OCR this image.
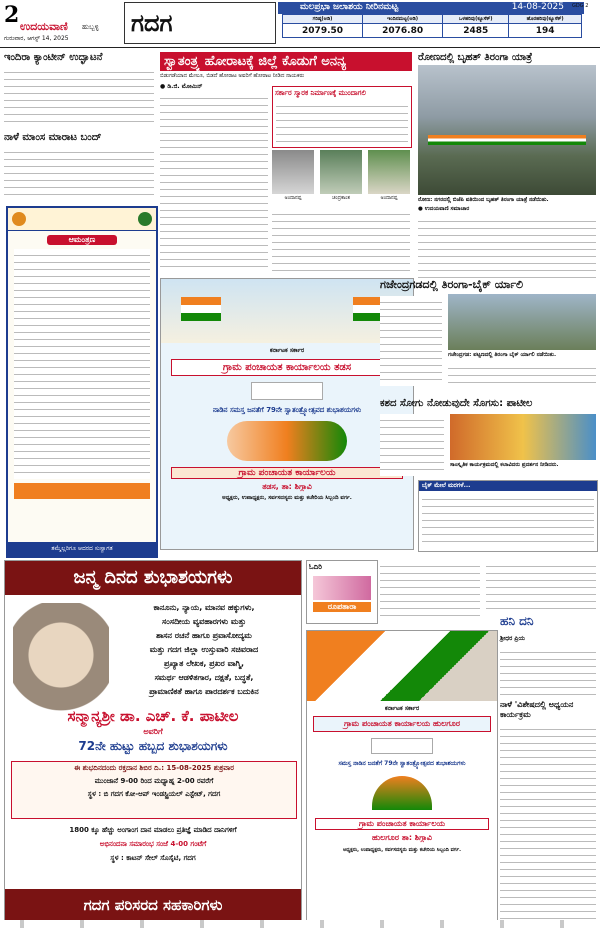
2 ಉದಯವಾಣಿ ಹುಬ್ಬಳ್ಳಿ
ಗುರುವಾರ, ಆಗಸ್ಟ್‌ 14, 2025
ಗದಗ
ಮಲಪ್ರಭಾ ಜಲಾಶಯ ನೀರಿನಮಟ್ಟ	14-08-2025
ಗರಿಷ್ಠ(ಅಡಿ)	ಇಂದಿನಮಟ್ಟ(ಅಡಿ)	ಒಳಹರಿವು(ಕ್ಯೂಸೆಕ್)	ಹೊರಹರಿವು(ಕ್ಯೂಸೆಕ್)
2079.50	2076.80	2485	194
GDG 2
ಇಂದಿರಾ ಕ್ಯಾಂಟೀನ್‌ ಉದ್ಘಾಟನೆ
ನಾಳೆ ಮಾಂಸ ಮಾರಾಟ ಬಂದ್‌
ಆಮಂತ್ರಣ
ತಮ್ಮೆಲ್ಲರಿಗೂ ಆದರದ ಸುಸ್ವಾಗತ
ಸ್ವಾತಂತ್ರ್ಯ ಹೋರಾಟಕ್ಕೆ ಜಿಲ್ಲೆ ಕೊಡುಗೆ ಅನನ್ಯ
ಬಿಡುಗಡೆಯಾದ ಮೇಲೂ, ಬಿಡದೆ ಹೋರಾಟ ಅವರಿಗೆ ಹೋರಾಟ ನೀಡಿದ ನಾಯಕರು
● ಡಿ.ಜಿ. ಮೋಮಿನ್
ಸರ್ಕಾರ ಸ್ಮಾರಕ ನಿರ್ಮಾಣಕ್ಕೆ ಮುಂದಾಗಲಿ
ಅಂದಾನಪ್ಪ	ಚಂದ್ರಕಾಂತ	ಅಂದಾನಪ್ಪ
ರೋಣದಲ್ಲಿ ಬೃಹತ್‌ ತಿರಂಗಾ ಯಾತ್ರೆ
ರೋಣ: ನಗರದಲ್ಲಿ ಬಿಜೆಪಿ ವತಿಯಿಂದ ಬೃಹತ್‌ ತಿರಂಗಾ ಯಾತ್ರೆ ನಡೆಯಿತು.
● ಉದಯವಾಣಿ ಸಮಾಚಾರ
ಕರ್ನಾಟಕ ಸರ್ಕಾರ
ಗ್ರಾಮ ಪಂಚಾಯತ ಕಾರ್ಯಾಲಯ ತಡಸ
ನಾಡಿನ ಸಮಸ್ತ ಜನತೆಗೆ 79ನೇ ಸ್ವಾತಂತ್ರ್ಯೋತ್ಸವದ ಶುಭಾಶಯಗಳು
ಗ್ರಾಮ ಪಂಚಾಯತ ಕಾರ್ಯಾಲಯ
ತಡಸ, ತಾ: ಶಿಗ್ಗಾವಿ
ಅಧ್ಯಕ್ಷರು, ಉಪಾಧ್ಯಕ್ಷರು, ಸರ್ವಸದಸ್ಯರು ಮತ್ತು ಕಚೇರಿಯ ಸಿಬ್ಬಂದಿ ವರ್ಗ.
ಗಜೇಂದ್ರಗಡದಲ್ಲಿ ತಿರಂಗಾ-ಬೈಕ್‌ ರ್ಯಾಲಿ
ಗಜೇಂದ್ರಗಡ: ಪಟ್ಟಣದಲ್ಲಿ ತಿರಂಗಾ ಬೈಕ್‌ ರ್ಯಾಲಿ ನಡೆಯಿತು.
ಕಶದ ಸೋಗು ನೋಡುವುದೇ ಸೊಗಸು: ಪಾಟೀಲ
ಸಾಂಸ್ಕೃತಿಕ ಕಾರ್ಯಕ್ರಮದಲ್ಲಿ ಕಲಾವಿದರು ಪ್ರದರ್ಶನ ನೀಡಿದರು.
ಬೈಕ್‌ ಮೇಲೆ ಮರಗಳೆ...
ಜನ್ಮ ದಿನದ ಶುಭಾಶಯಗಳು
ಕಾನೂನು, ನ್ಯಾಯ, ಮಾನವ ಹಕ್ಕುಗಳು,
ಸಂಸದೀಯ ವ್ಯವಹಾರಗಳು ಮತ್ತು
ಶಾಸನ ರಚನೆ ಹಾಗೂ ಪ್ರವಾಸೋದ್ಯಮ
ಮತ್ತು ಗದಗ ಜಿಲ್ಲಾ ಉಸ್ತುವಾರಿ ಸಚಿವರಾದ
ಪ್ರಖ್ಯಾತ ಲೇಖಕ, ಪ್ರಖರ ವಾಗ್ಮಿ,
ಸಮರ್ಥ ಆಡಳಿತಗಾರ, ದಕ್ಷತೆ, ಬದ್ಧತೆ,
ಪ್ರಾಮಾಣಿಕತೆ ಹಾಗೂ ಪಾರದರ್ಶಕ ಬದುಕಿನ
ಸನ್ಮಾನ್ಯಶ್ರೀ ಡಾ. ಎಚ್. ಕೆ. ಪಾಟೀಲ
ಅವರಿಗೆ
72ನೇ ಹುಟ್ಟು ಹಬ್ಬದ ಶುಭಾಶಯಗಳು
ಈ ಶುಭದಿನದಂದು ರಕ್ತದಾನ ಶಿಬಿರ ದಿ.: 15-08-2025 ಶುಕ್ರವಾರ
ಮುಂಜಾನೆ 9-00 ರಿಂದ ಮಧ್ಯಾಹ್ನ 2-00 ರವರೆಗೆ
ಸ್ಥಳ : ಬಿ ಗದಗ ಕೋ-ಆಪ್ ಇಂಡಸ್ಟ್ರಿಯಲ್ ಎಸ್ಟೇಟ್, ಗದಗ
1800 ಕ್ಕೂ ಹೆಚ್ಚು ಅಂಗಾಂಗ ದಾನ ಮಾಡಲು ಪ್ರತಿಜ್ಞೆ ಮಾಡಿದ ದಾನಿಗಳಿಗೆ
ಅಭಿನಂದನಾ ಸಮಾರಂಭ ಸಂಜೆ 4-00 ಗಂಟೆಗೆ
ಸ್ಥಳ : ಕಾಟನ್ ಸೇಲ್ ಸೊಸೈಟಿ, ಗದಗ
ಗದಗ ಪರಿಸರದ ಸಹಕಾರಿಗಳು
ಓದಿರಿ
ರೂಪತಾರಾ
ಹನಿ ದನಿ
ಶ್ರೀಧರ ಪ್ರಿಯ
ನಾಳೆ 'ವಿಶೇಷದಲ್ಲಿ ಅಧ್ಯಯನ ಕಾರ್ಯಕ್ರಮ
ಕರ್ನಾಟಕ ಸರ್ಕಾರ
ಗ್ರಾಮ ಪಂಚಾಯತ ಕಾರ್ಯಾಲಯ ಹುಲಗೂರ
ಸಮಸ್ತ ನಾಡಿನ ಜನತೆಗೆ 79ನೇ ಸ್ವಾತಂತ್ರ್ಯೋತ್ಸವದ ಶುಭಾಶಯಗಳು
ಗ್ರಾಮ ಪಂಚಾಯತ ಕಾರ್ಯಾಲಯ
ಹುಲಗೂರ ತಾ: ಶಿಗ್ಗಾವಿ
ಅಧ್ಯಕ್ಷರು, ಉಪಾಧ್ಯಕ್ಷರು, ಸರ್ವಸದಸ್ಯರು ಮತ್ತು ಕಚೇರಿಯ ಸಿಬ್ಬಂದಿ ವರ್ಗ.
